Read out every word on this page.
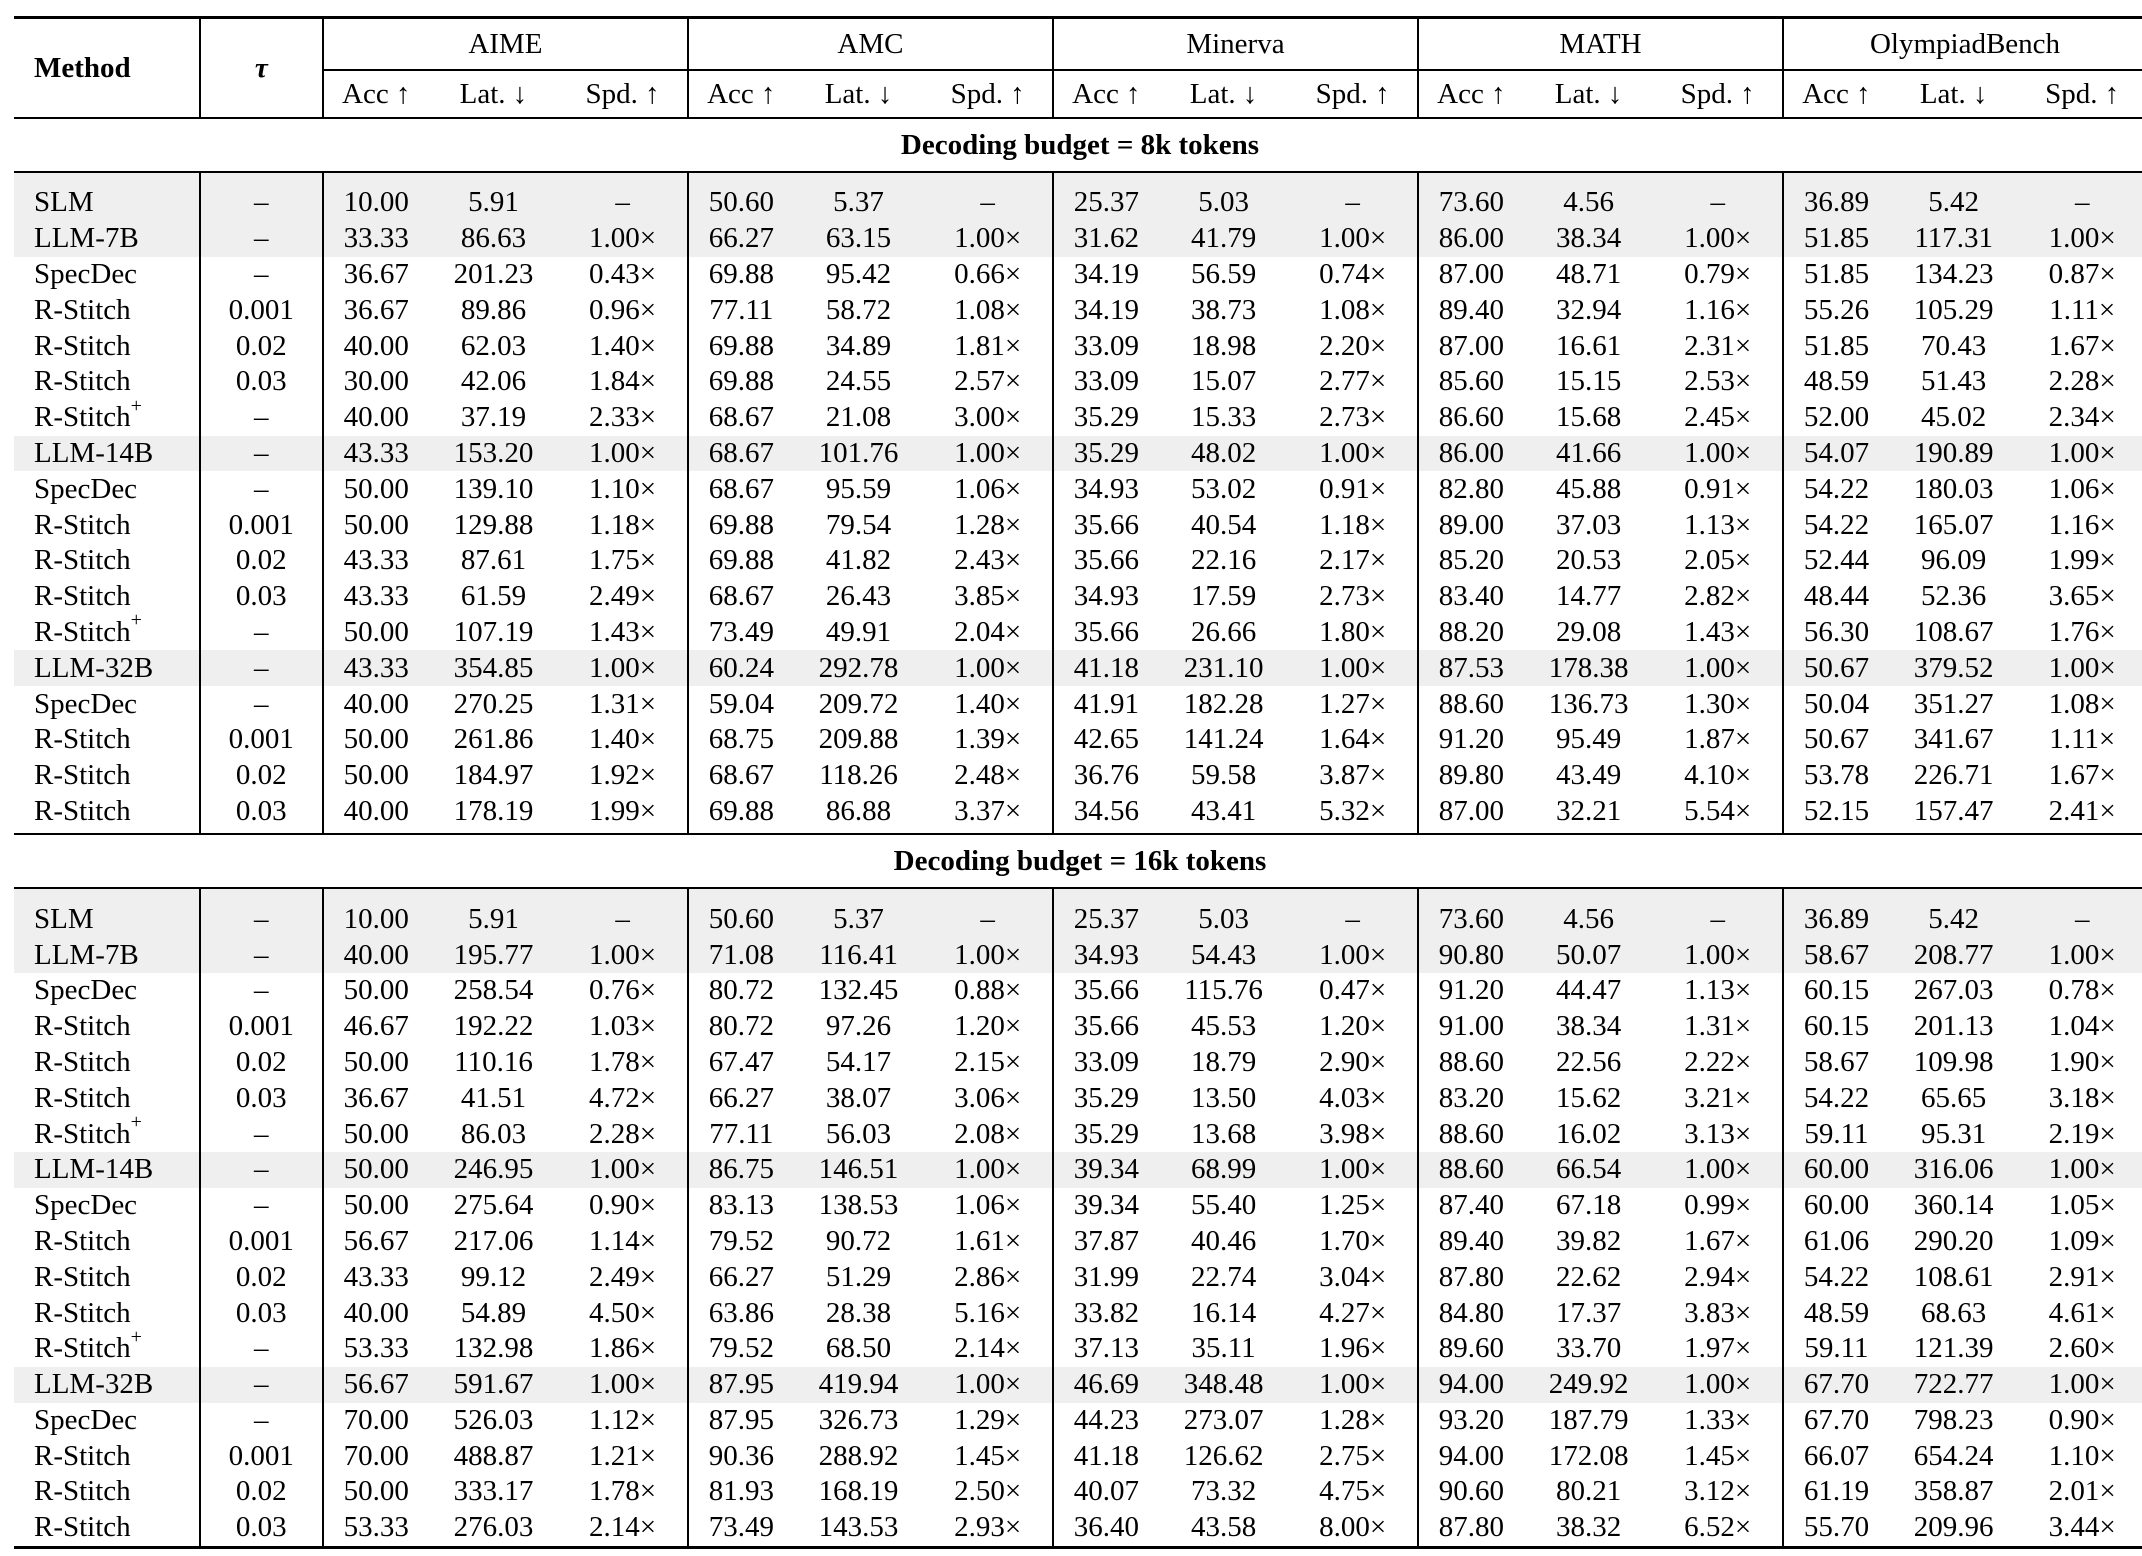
Method	τ	AIME			AMC			Minerva			MATH			OlympiadBench		
		Acc ↑	Lat. ↓	Spd. ↑	Acc ↑	Lat. ↓	Spd. ↑	Acc ↑	Lat. ↓	Spd. ↑	Acc ↑	Lat. ↓	Spd. ↑	Acc ↑	Lat. ↓	Spd. ↑
Decoding budget = 8k tokens																
SLM	–	10.00	5.91	–	50.60	5.37	–	25.37	5.03	–	73.60	4.56	–	36.89	5.42	–
LLM-7B	–	33.33	86.63	1.00×	66.27	63.15	1.00×	31.62	41.79	1.00×	86.00	38.34	1.00×	51.85	117.31	1.00×
SpecDec	–	36.67	201.23	0.43×	69.88	95.42	0.66×	34.19	56.59	0.74×	87.00	48.71	0.79×	51.85	134.23	0.87×
R-Stitch	0.001	36.67	89.86	0.96×	77.11	58.72	1.08×	34.19	38.73	1.08×	89.40	32.94	1.16×	55.26	105.29	1.11×
R-Stitch	0.02	40.00	62.03	1.40×	69.88	34.89	1.81×	33.09	18.98	2.20×	87.00	16.61	2.31×	51.85	70.43	1.67×
R-Stitch	0.03	30.00	42.06	1.84×	69.88	24.55	2.57×	33.09	15.07	2.77×	85.60	15.15	2.53×	48.59	51.43	2.28×
R-Stitch+	–	40.00	37.19	2.33×	68.67	21.08	3.00×	35.29	15.33	2.73×	86.60	15.68	2.45×	52.00	45.02	2.34×
LLM-14B	–	43.33	153.20	1.00×	68.67	101.76	1.00×	35.29	48.02	1.00×	86.00	41.66	1.00×	54.07	190.89	1.00×
SpecDec	–	50.00	139.10	1.10×	68.67	95.59	1.06×	34.93	53.02	0.91×	82.80	45.88	0.91×	54.22	180.03	1.06×
R-Stitch	0.001	50.00	129.88	1.18×	69.88	79.54	1.28×	35.66	40.54	1.18×	89.00	37.03	1.13×	54.22	165.07	1.16×
R-Stitch	0.02	43.33	87.61	1.75×	69.88	41.82	2.43×	35.66	22.16	2.17×	85.20	20.53	2.05×	52.44	96.09	1.99×
R-Stitch	0.03	43.33	61.59	2.49×	68.67	26.43	3.85×	34.93	17.59	2.73×	83.40	14.77	2.82×	48.44	52.36	3.65×
R-Stitch+	–	50.00	107.19	1.43×	73.49	49.91	2.04×	35.66	26.66	1.80×	88.20	29.08	1.43×	56.30	108.67	1.76×
LLM-32B	–	43.33	354.85	1.00×	60.24	292.78	1.00×	41.18	231.10	1.00×	87.53	178.38	1.00×	50.67	379.52	1.00×
SpecDec	–	40.00	270.25	1.31×	59.04	209.72	1.40×	41.91	182.28	1.27×	88.60	136.73	1.30×	50.04	351.27	1.08×
R-Stitch	0.001	50.00	261.86	1.40×	68.75	209.88	1.39×	42.65	141.24	1.64×	91.20	95.49	1.87×	50.67	341.67	1.11×
R-Stitch	0.02	50.00	184.97	1.92×	68.67	118.26	2.48×	36.76	59.58	3.87×	89.80	43.49	4.10×	53.78	226.71	1.67×
R-Stitch	0.03	40.00	178.19	1.99×	69.88	86.88	3.37×	34.56	43.41	5.32×	87.00	32.21	5.54×	52.15	157.47	2.41×
Decoding budget = 16k tokens																
SLM	–	10.00	5.91	–	50.60	5.37	–	25.37	5.03	–	73.60	4.56	–	36.89	5.42	–
LLM-7B	–	40.00	195.77	1.00×	71.08	116.41	1.00×	34.93	54.43	1.00×	90.80	50.07	1.00×	58.67	208.77	1.00×
SpecDec	–	50.00	258.54	0.76×	80.72	132.45	0.88×	35.66	115.76	0.47×	91.20	44.47	1.13×	60.15	267.03	0.78×
R-Stitch	0.001	46.67	192.22	1.03×	80.72	97.26	1.20×	35.66	45.53	1.20×	91.00	38.34	1.31×	60.15	201.13	1.04×
R-Stitch	0.02	50.00	110.16	1.78×	67.47	54.17	2.15×	33.09	18.79	2.90×	88.60	22.56	2.22×	58.67	109.98	1.90×
R-Stitch	0.03	36.67	41.51	4.72×	66.27	38.07	3.06×	35.29	13.50	4.03×	83.20	15.62	3.21×	54.22	65.65	3.18×
R-Stitch+	–	50.00	86.03	2.28×	77.11	56.03	2.08×	35.29	13.68	3.98×	88.60	16.02	3.13×	59.11	95.31	2.19×
LLM-14B	–	50.00	246.95	1.00×	86.75	146.51	1.00×	39.34	68.99	1.00×	88.60	66.54	1.00×	60.00	316.06	1.00×
SpecDec	–	50.00	275.64	0.90×	83.13	138.53	1.06×	39.34	55.40	1.25×	87.40	67.18	0.99×	60.00	360.14	1.05×
R-Stitch	0.001	56.67	217.06	1.14×	79.52	90.72	1.61×	37.87	40.46	1.70×	89.40	39.82	1.67×	61.06	290.20	1.09×
R-Stitch	0.02	43.33	99.12	2.49×	66.27	51.29	2.86×	31.99	22.74	3.04×	87.80	22.62	2.94×	54.22	108.61	2.91×
R-Stitch	0.03	40.00	54.89	4.50×	63.86	28.38	5.16×	33.82	16.14	4.27×	84.80	17.37	3.83×	48.59	68.63	4.61×
R-Stitch+	–	53.33	132.98	1.86×	79.52	68.50	2.14×	37.13	35.11	1.96×	89.60	33.70	1.97×	59.11	121.39	2.60×
LLM-32B	–	56.67	591.67	1.00×	87.95	419.94	1.00×	46.69	348.48	1.00×	94.00	249.92	1.00×	67.70	722.77	1.00×
SpecDec	–	70.00	526.03	1.12×	87.95	326.73	1.29×	44.23	273.07	1.28×	93.20	187.79	1.33×	67.70	798.23	0.90×
R-Stitch	0.001	70.00	488.87	1.21×	90.36	288.92	1.45×	41.18	126.62	2.75×	94.00	172.08	1.45×	66.07	654.24	1.10×
R-Stitch	0.02	50.00	333.17	1.78×	81.93	168.19	2.50×	40.07	73.32	4.75×	90.60	80.21	3.12×	61.19	358.87	2.01×
R-Stitch	0.03	53.33	276.03	2.14×	73.49	143.53	2.93×	36.40	43.58	8.00×	87.80	38.32	6.52×	55.70	209.96	3.44×
